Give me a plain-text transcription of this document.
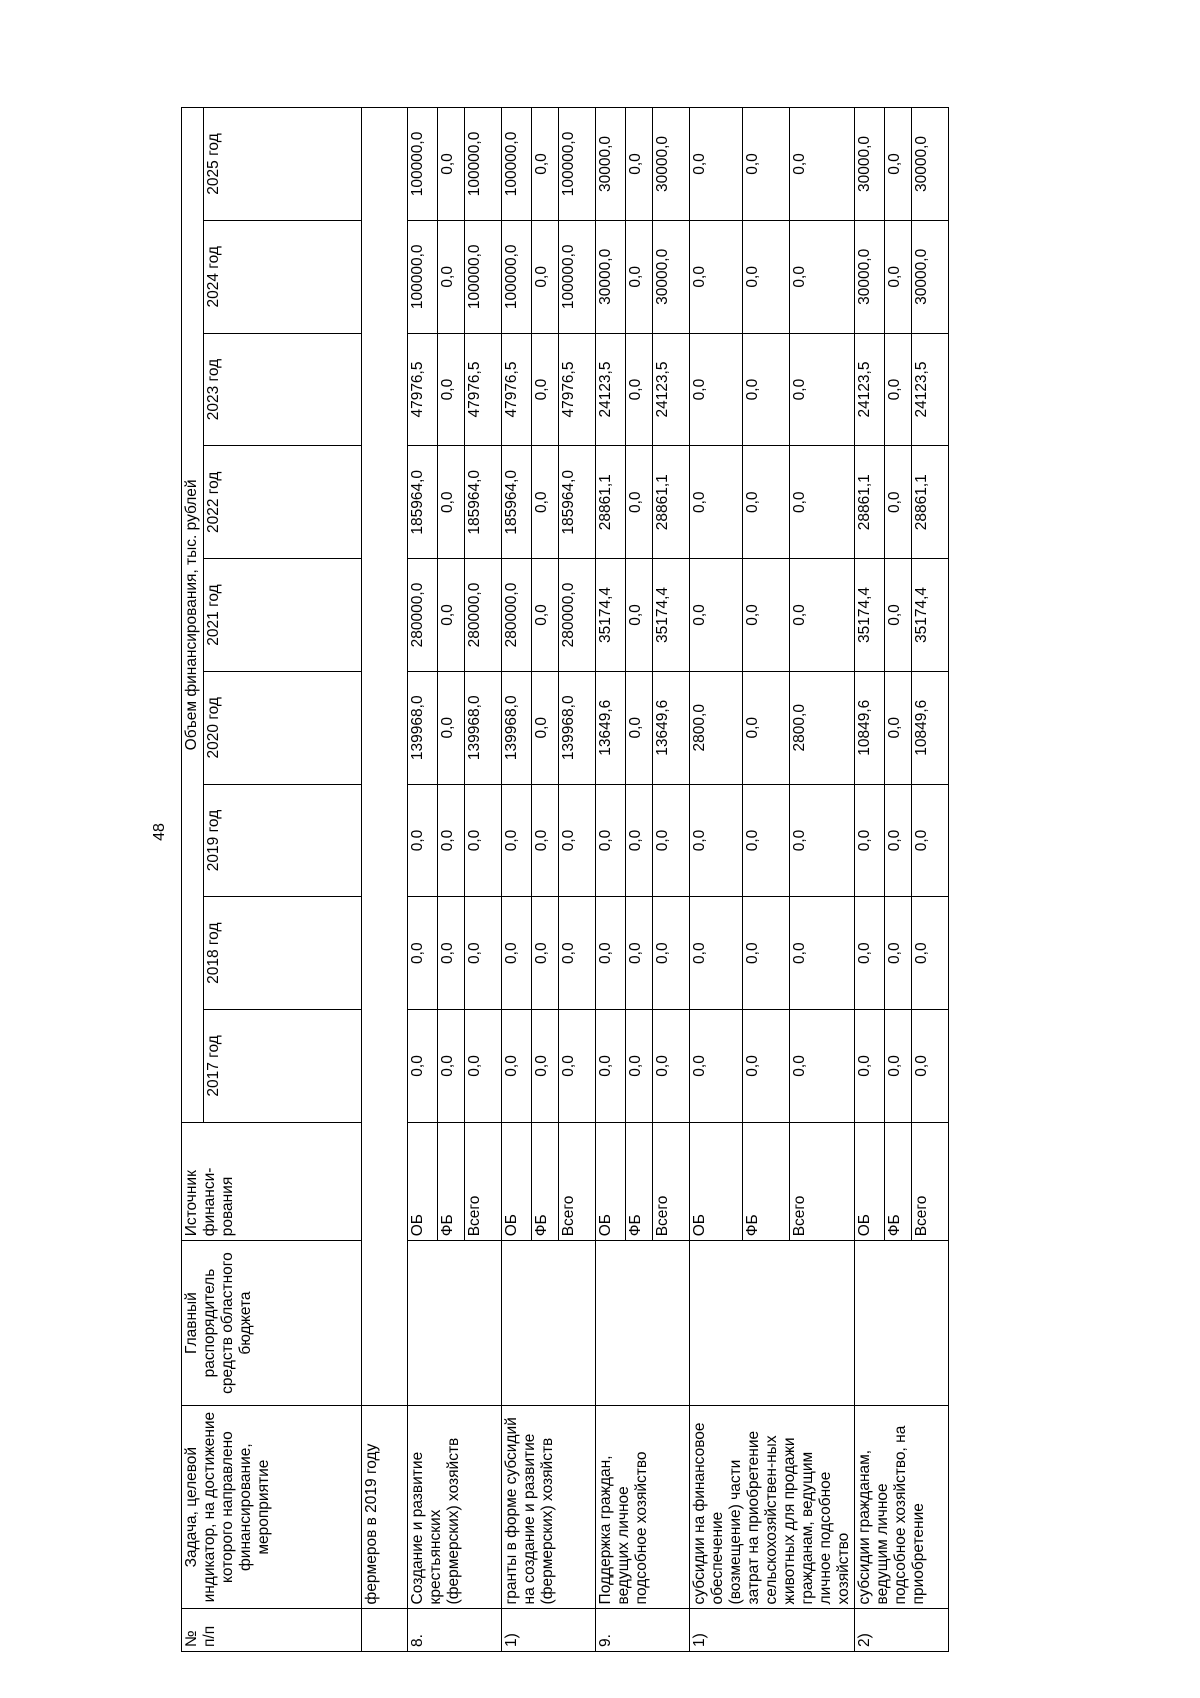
48
№ п/п	Задача, целевой индикатор, на достижение которого направлено финансирование, мероприятие	Главный распорядитель средств областного бюджета	Источник финанси-рования	Объем финансирования, тыс. рублей								
				2017 год	2018 год	2019 год	2020 год	2021 год	2022 год	2023 год	2024 год	2025 год
	фермеров в 2019 году											
8.	Создание и развитие крестьянских (фермерских) хозяйств		ОБ	0,0	0,0	0,0	139968,0	280000,0	185964,0	47976,5	100000,0	100000,0
			ФБ	0,0	0,0	0,0	0,0	0,0	0,0	0,0	0,0	0,0
			Всего	0,0	0,0	0,0	139968,0	280000,0	185964,0	47976,5	100000,0	100000,0
1)	гранты в форме субсидий на создание и развитие (фермерских) хозяйств		ОБ	0,0	0,0	0,0	139968,0	280000,0	185964,0	47976,5	100000,0	100000,0
			ФБ	0,0	0,0	0,0	0,0	0,0	0,0	0,0	0,0	0,0
			Всего	0,0	0,0	0,0	139968,0	280000,0	185964,0	47976,5	100000,0	100000,0
9.	Поддержка граждан, ведущих личное подсобное хозяйство		ОБ	0,0	0,0	0,0	13649,6	35174,4	28861,1	24123,5	30000,0	30000,0
			ФБ	0,0	0,0	0,0	0,0	0,0	0,0	0,0	0,0	0,0
			Всего	0,0	0,0	0,0	13649,6	35174,4	28861,1	24123,5	30000,0	30000,0
1)	субсидии на финансовое обеспечение (возмещение) части затрат на приобретение сельскохозяйствен-ных животных для продажи гражданам, ведущим личное подсобное хозяйство		ОБ	0,0	0,0	0,0	2800,0	0,0	0,0	0,0	0,0	0,0
			ФБ	0,0	0,0	0,0	0,0	0,0	0,0	0,0	0,0	0,0
			Всего	0,0	0,0	0,0	2800,0	0,0	0,0	0,0	0,0	0,0
2)	субсидии гражданам, ведущим личное подсобное хозяйство, на приобретение		ОБ	0,0	0,0	0,0	10849,6	35174,4	28861,1	24123,5	30000,0	30000,0
			ФБ	0,0	0,0	0,0	0,0	0,0	0,0	0,0	0,0	0,0
			Всего	0,0	0,0	0,0	10849,6	35174,4	28861,1	24123,5	30000,0	30000,0
